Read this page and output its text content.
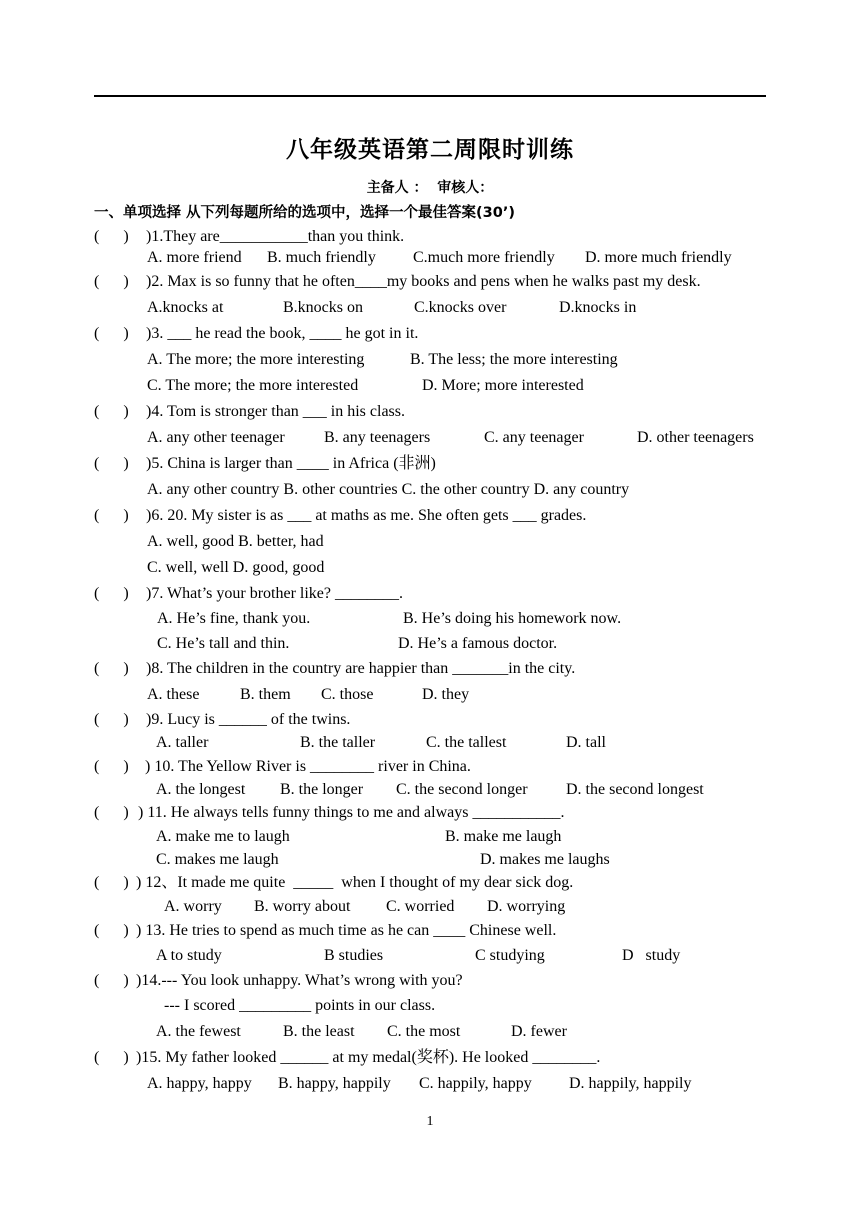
八年级英语第二周限时训练
主备人 ：  审核人：
一、单项选择 从下列每题所给的选项中，选择一个最佳答案(30’)
(      ) )1.They are___________than you think.
A. more friend B. much friendly C.much more friendly D. more much friendly
(      ) )2. Max is so funny that he often____my books and pens when he walks past my desk.
A.knocks at	B.knocks on	C.knocks over	D.knocks in
(      ) )3. ___ he read the book, ____ he got in it.
A. The more; the more interesting	B. The less; the more interesting
C. The more; the more interested	D. More; more interested
(      ) )4. Tom is stronger than ___ in his class.
A. any other teenager B. any teenagers	C. any teenager	D. other teenagers
(      ) )5. China is larger than ____ in Africa (非洲)
A. any other country B. other countries C. the other country D. any country
(      ) )6. 20. My sister is as ___ at maths as me. She often gets ___ grades.
A. well, good B. better, had
C. well, well D. good, good
(      ) )7. What’s your brother like? ________.
A. He’s fine, thank you.	B. He’s doing his homework now.
C. He’s tall and thin.	D. He’s a famous doctor.
(      ) )8. The children in the country are happier than _______in the city.
A. these	B. them C. those	D. they
(      ) )9. Lucy is ______ of the twins.
A. taller	B. the taller	C. the tallest	D. tall
(      ) ) 10. The Yellow River is ________ river in China.
A. the longest B. the longer C. the second longer D. the second longest
(      ) ) 11. He always tells funny things to me and always ___________.
A. make me to laugh	B. make me laugh
C. makes me laugh	D. makes me laughs
(      ) ) 12、It made me quite  _____  when I thought of my dear sick dog.
A. worry B. worry about C. worried D. worrying
(      ) ) 13. He tries to spend as much time as he can ____ Chinese well.
A to study	B studies	C studying	D   study
(      ) )14.--- You look unhappy. What’s wrong with you?
--- I scored _________ points in our class.
A. the fewest	B. the least C. the most	D. fewer
(      ) )15. My father looked ______ at my medal(奖杯). He looked ________.
A. happy, happy B. happy, happily C. happily, happy D. happily, happily
1
